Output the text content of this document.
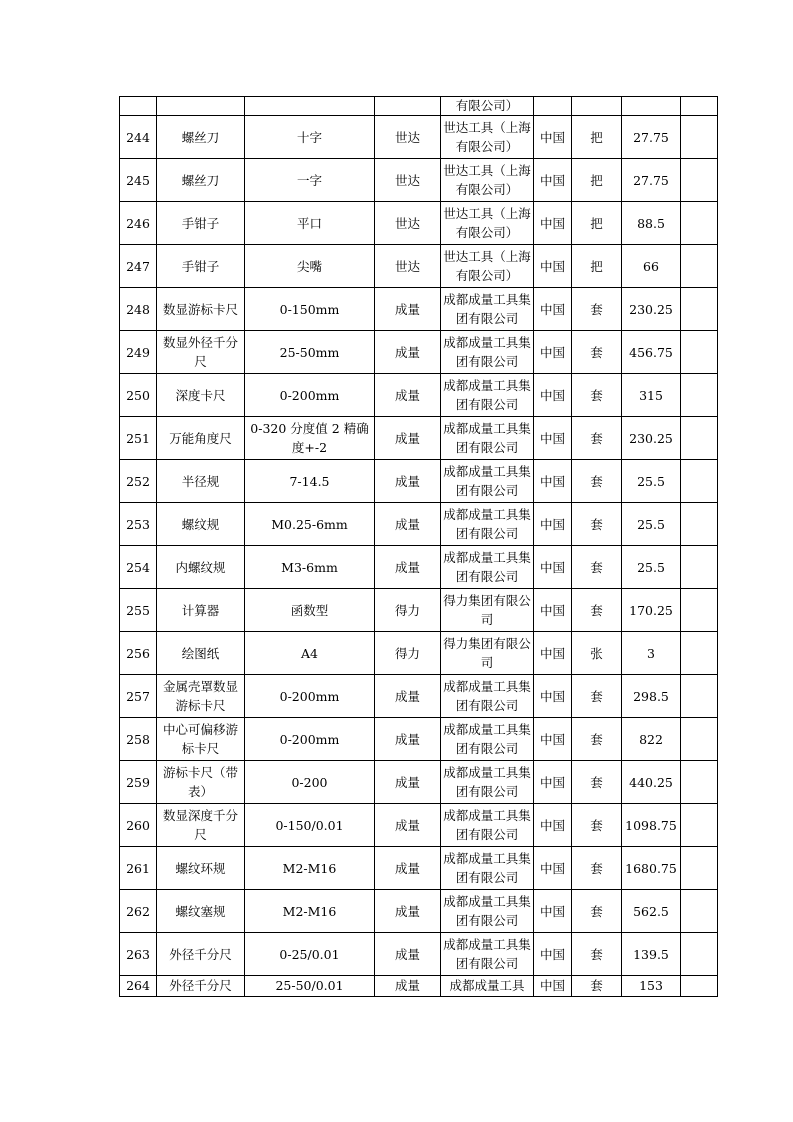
				有限公司）				
244	螺丝刀	十字	世达	世达工具（上海有限公司）	中国	把	27.75	
245	螺丝刀	一字	世达	世达工具（上海有限公司）	中国	把	27.75	
246	手钳子	平口	世达	世达工具（上海有限公司）	中国	把	88.5	
247	手钳子	尖嘴	世达	世达工具（上海有限公司）	中国	把	66	
248	数显游标卡尺	0-150mm	成量	成都成量工具集团有限公司	中国	套	230.25	
249	数显外径千分尺	25-50mm	成量	成都成量工具集团有限公司	中国	套	456.75	
250	深度卡尺	0-200mm	成量	成都成量工具集团有限公司	中国	套	315	
251	万能角度尺	0-320 分度值 2 精确度+-2	成量	成都成量工具集团有限公司	中国	套	230.25	
252	半径规	7-14.5	成量	成都成量工具集团有限公司	中国	套	25.5	
253	螺纹规	M0.25-6mm	成量	成都成量工具集团有限公司	中国	套	25.5	
254	内螺纹规	M3-6mm	成量	成都成量工具集团有限公司	中国	套	25.5	
255	计算器	函数型	得力	得力集团有限公司	中国	套	170.25	
256	绘图纸	A4	得力	得力集团有限公司	中国	张	3	
257	金属壳罩数显游标卡尺	0-200mm	成量	成都成量工具集团有限公司	中国	套	298.5	
258	中心可偏移游标卡尺	0-200mm	成量	成都成量工具集团有限公司	中国	套	822	
259	游标卡尺（带表）	0-200	成量	成都成量工具集团有限公司	中国	套	440.25	
260	数显深度千分尺	0-150/0.01	成量	成都成量工具集团有限公司	中国	套	1098.75	
261	螺纹环规	M2-M16	成量	成都成量工具集团有限公司	中国	套	1680.75	
262	螺纹塞规	M2-M16	成量	成都成量工具集团有限公司	中国	套	562.5	
263	外径千分尺	0-25/0.01	成量	成都成量工具集团有限公司	中国	套	139.5	
264	外径千分尺	25-50/0.01	成量	成都成量工具	中国	套	153	
